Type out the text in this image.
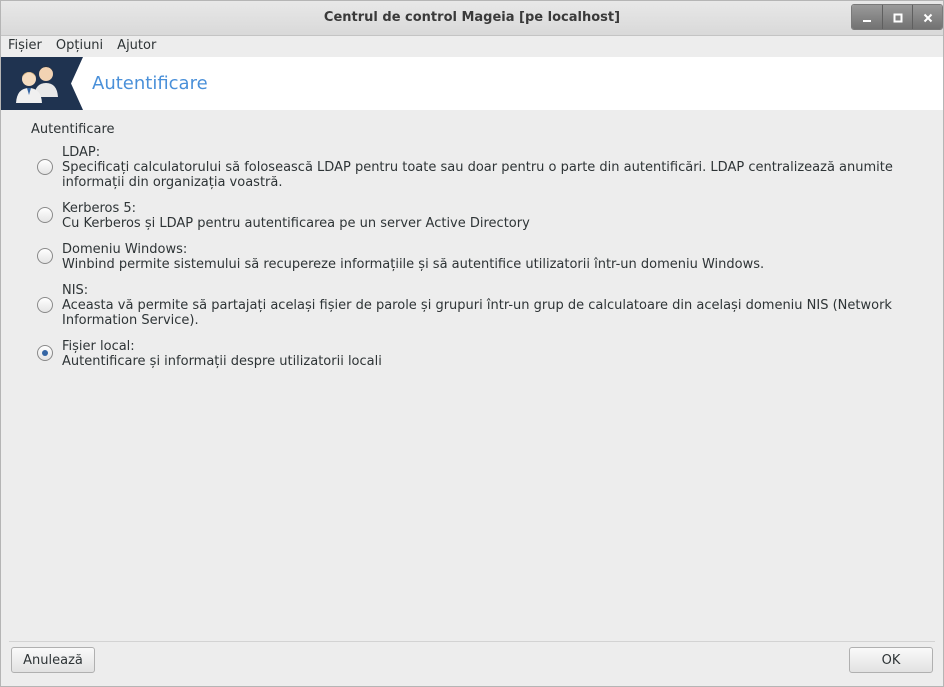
Centrul de control Mageia [pe localhost]
Fișier	Opțiuni	Ajutor
Autentificare
Autentificare
LDAP:
Specificați calculatorului să folosească LDAP pentru toate sau doar pentru o parte din autentificări. LDAP centralizează anumite
informații din organizația voastră.
Kerberos 5:
Cu Kerberos și LDAP pentru autentificarea pe un server Active Directory
Domeniu Windows:
Winbind permite sistemului să recupereze informațiile și să autentifice utilizatorii într-un domeniu Windows.
NIS:
Aceasta vă permite să partajați același fișier de parole și grupuri într-un grup de calculatoare din același domeniu NIS (Network
Information Service).
Fișier local:
Autentificare și informații despre utilizatorii locali
Anulează	OK
